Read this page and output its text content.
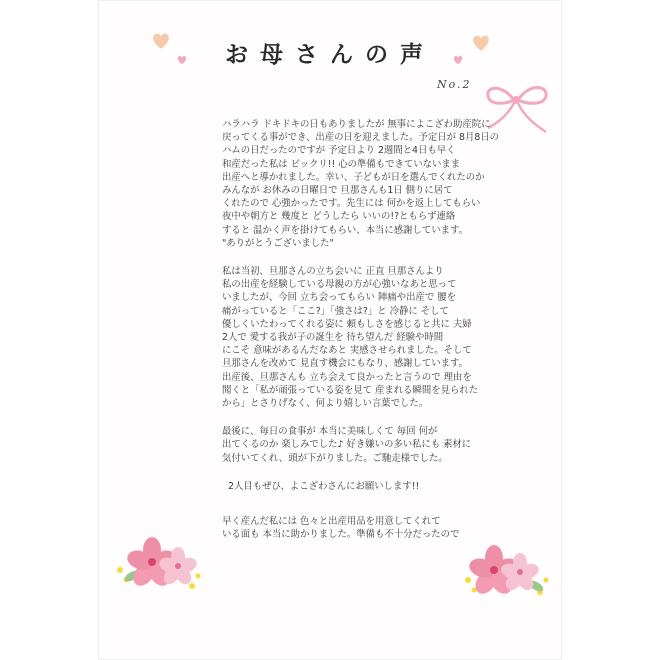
お母さんの声
No.2

ハラハラ ドキドキの日もありましたが 無事によこざわ助産院に

戻ってくる事ができ、出産の日を迎えました。予定日が 8月8日の

ハムの日だったのですが 予定日より 2週間と4日も早く

和産だった私は ビックリ!! 心の準備もできていないまま

出産へと導かれました。幸い、子どもが日を選んでくれたのか

みんなが お休みの日曜日で 旦那さんも1日 側りに居て

くれたので 心強かったです。先生には 何かを返上してもらい

夜中や朝方と 幾度と どうしたら いいの!?ともらず連絡

すると 温かく声を掛けてもらい、本当に感謝しています。

"ありがとうございました"

私は当初、旦那さんの立ち会いに 正直 旦那さんより

私の出産を経験している母親の方が心強いなあと思って

いましたが、今回 立ち会ってもらい 陣痛や出産で 腰を

痛がっていると「ここ?」「強さは?」と 冷静に そして

優しくいたわってくれる姿に 頼もしさを感じると共に 夫婦

2人で 愛する我が子の誕生を 待ち望んだ 経験や時間

にこそ 意味があるんだなあと 実感させられました。そして

旦那さんを改めて 見直す機会にもなり、感謝しています。

出産後、旦那さんも 立ち会えて良かったと言うので 理由を

聞くと「私が頑張っている姿を見て 産まれる瞬間を見られた

から」とさりげなく、何より嬉しい言葉でした。

最後に、毎日の食事が 本当に美味しくて 毎回 何が

出てくるのか 楽しみでした♪ 好き嫌いの多い私にも 素材に

気付いてくれ、頭が下がりました。ご馳走様でした。

2人目もぜひ、よこざわさんにお願いします!!

早く産んだ私には 色々と出産用品を用意してくれて

いる面も 本当に助かりました。準備も不十分だったので
